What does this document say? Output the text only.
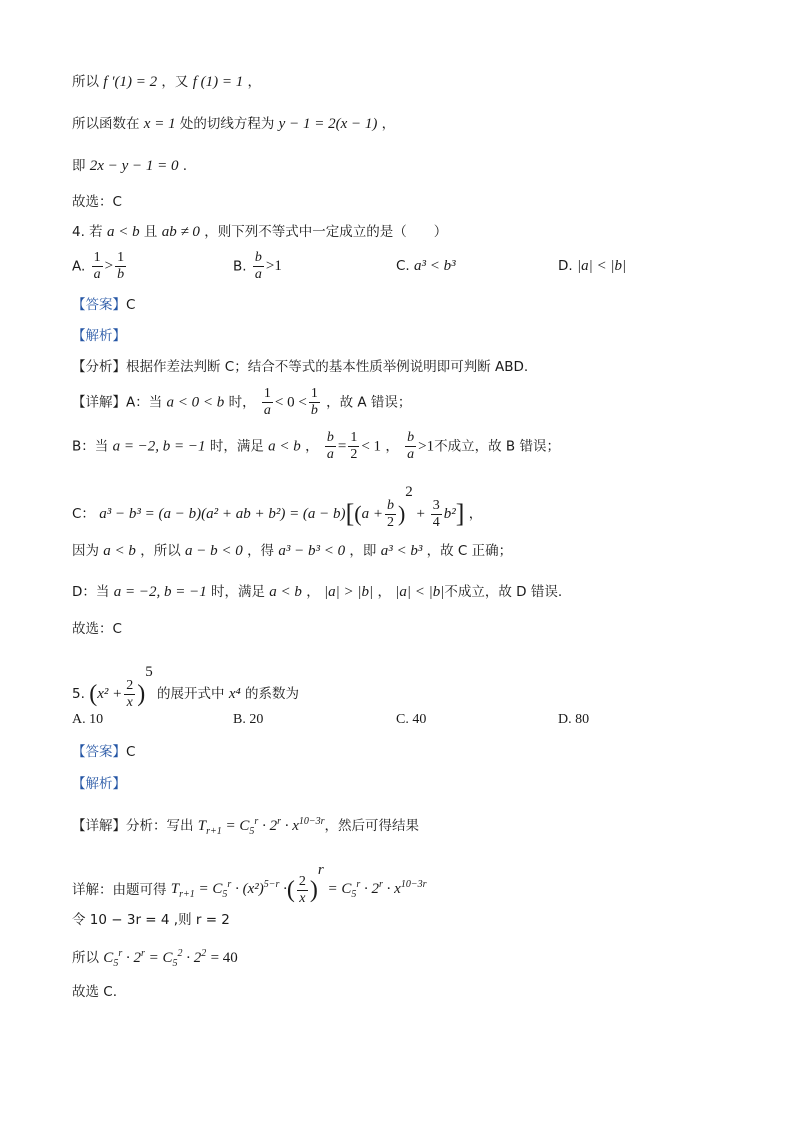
所以 f ′(1) = 2 ，又 f (1) = 1 ，
所以函数在 x = 1 处的切线方程为 y − 1 = 2(x − 1) ，
即 2x − y − 1 = 0 .
故选：C
4. 若 a < b 且 ab ≠ 0 ，则下列不等式中一定成立的是（　　）
A. $\frac{1}{a} > \frac{1}{b}$	B. $\frac{b}{a} >1$	C. a³ < b³	D. |a| < |b|
【答案】C
【解析】
【分析】根据作差法判断 C；结合不等式的基本性质举例说明即可判断 ABD.
【详解】A：当 a < 0 < b 时， $\frac{1}{a} < 0 < \frac{1}{b}$ ，故 A 错误；
B：当 a = −2, b = −1 时，满足 a < b ， $\frac{b}{a} = \frac{1}{2} < 1$ ， $\frac{b}{a} >1$不成立，故 B 错误；
C： a³ − b³ = (a − b)(a² + ab + $b^2) = (a - b)[(a + \frac{b}{2} )^2 + \frac{3}{4} b^2]$ ，
因为 a < b ，所以 a − b < 0 ，得 a³ − b³ < 0 ，即 a³ < b³ ，故 C 正确；
D：当 a = −2, b = −1 时，满足 a < b ， |a| > |b| ， |a| < |b|不成立，故 D 错误.
故选：C
5. $(x^2 + \frac{2}{x} )^5$ 的展开式中 x⁴ 的系数为
A. 10	B. 20	C. 40	D. 80
【答案】C
【解析】
【详解】分析：写出 $T_{r+1} = C_5^r \cdot 2^r \cdot x^{10-3r}$，然后可得结果
详解：由题可得 $T_{r+1} = C_5^r \cdot (x^2)^{5-r}$ ·( $\frac{2}{x} )^r = C_5^r \cdot 2^r \cdot x^{10-3r}$
令 10 − 3r = 4 ,则 r = 2
所以 $C_5^r \cdot 2^r = C_5^2 \cdot 2^2 = 40$
故选 C.
